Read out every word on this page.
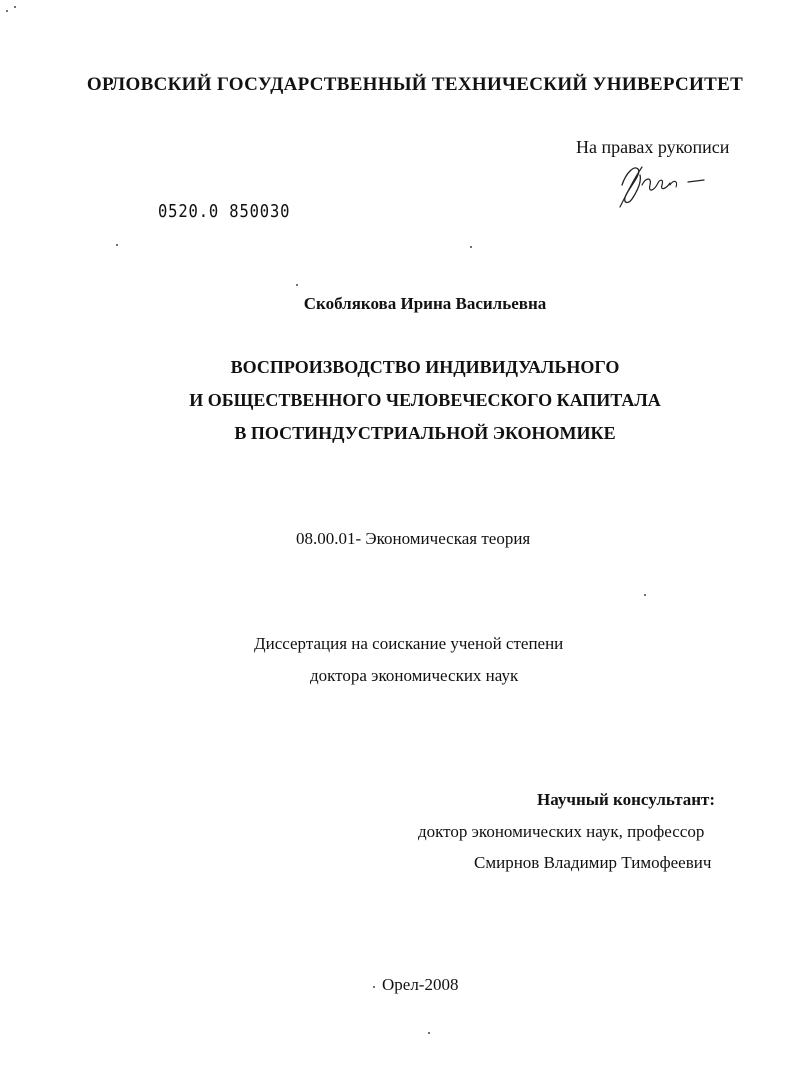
ОРЛОВСКИЙ ГОСУДАРСТВЕННЫЙ ТЕХНИЧЕСКИЙ УНИВЕРСИТЕТ
На правах рукописи
0520.0 850030
Скоблякова Ирина Васильевна
ВОСПРОИЗВОДСТВО ИНДИВИДУАЛЬНОГО
И ОБЩЕСТВЕННОГО ЧЕЛОВЕЧЕСКОГО КАПИТАЛА
В ПОСТИНДУСТРИАЛЬНОЙ ЭКОНОМИКЕ
08.00.01- Экономическая теория
Диссертация на соискание ученой степени
доктора экономических наук
Научный консультант:
доктор экономических наук, профессор
Смирнов Владимир Тимофеевич
Орел-2008
